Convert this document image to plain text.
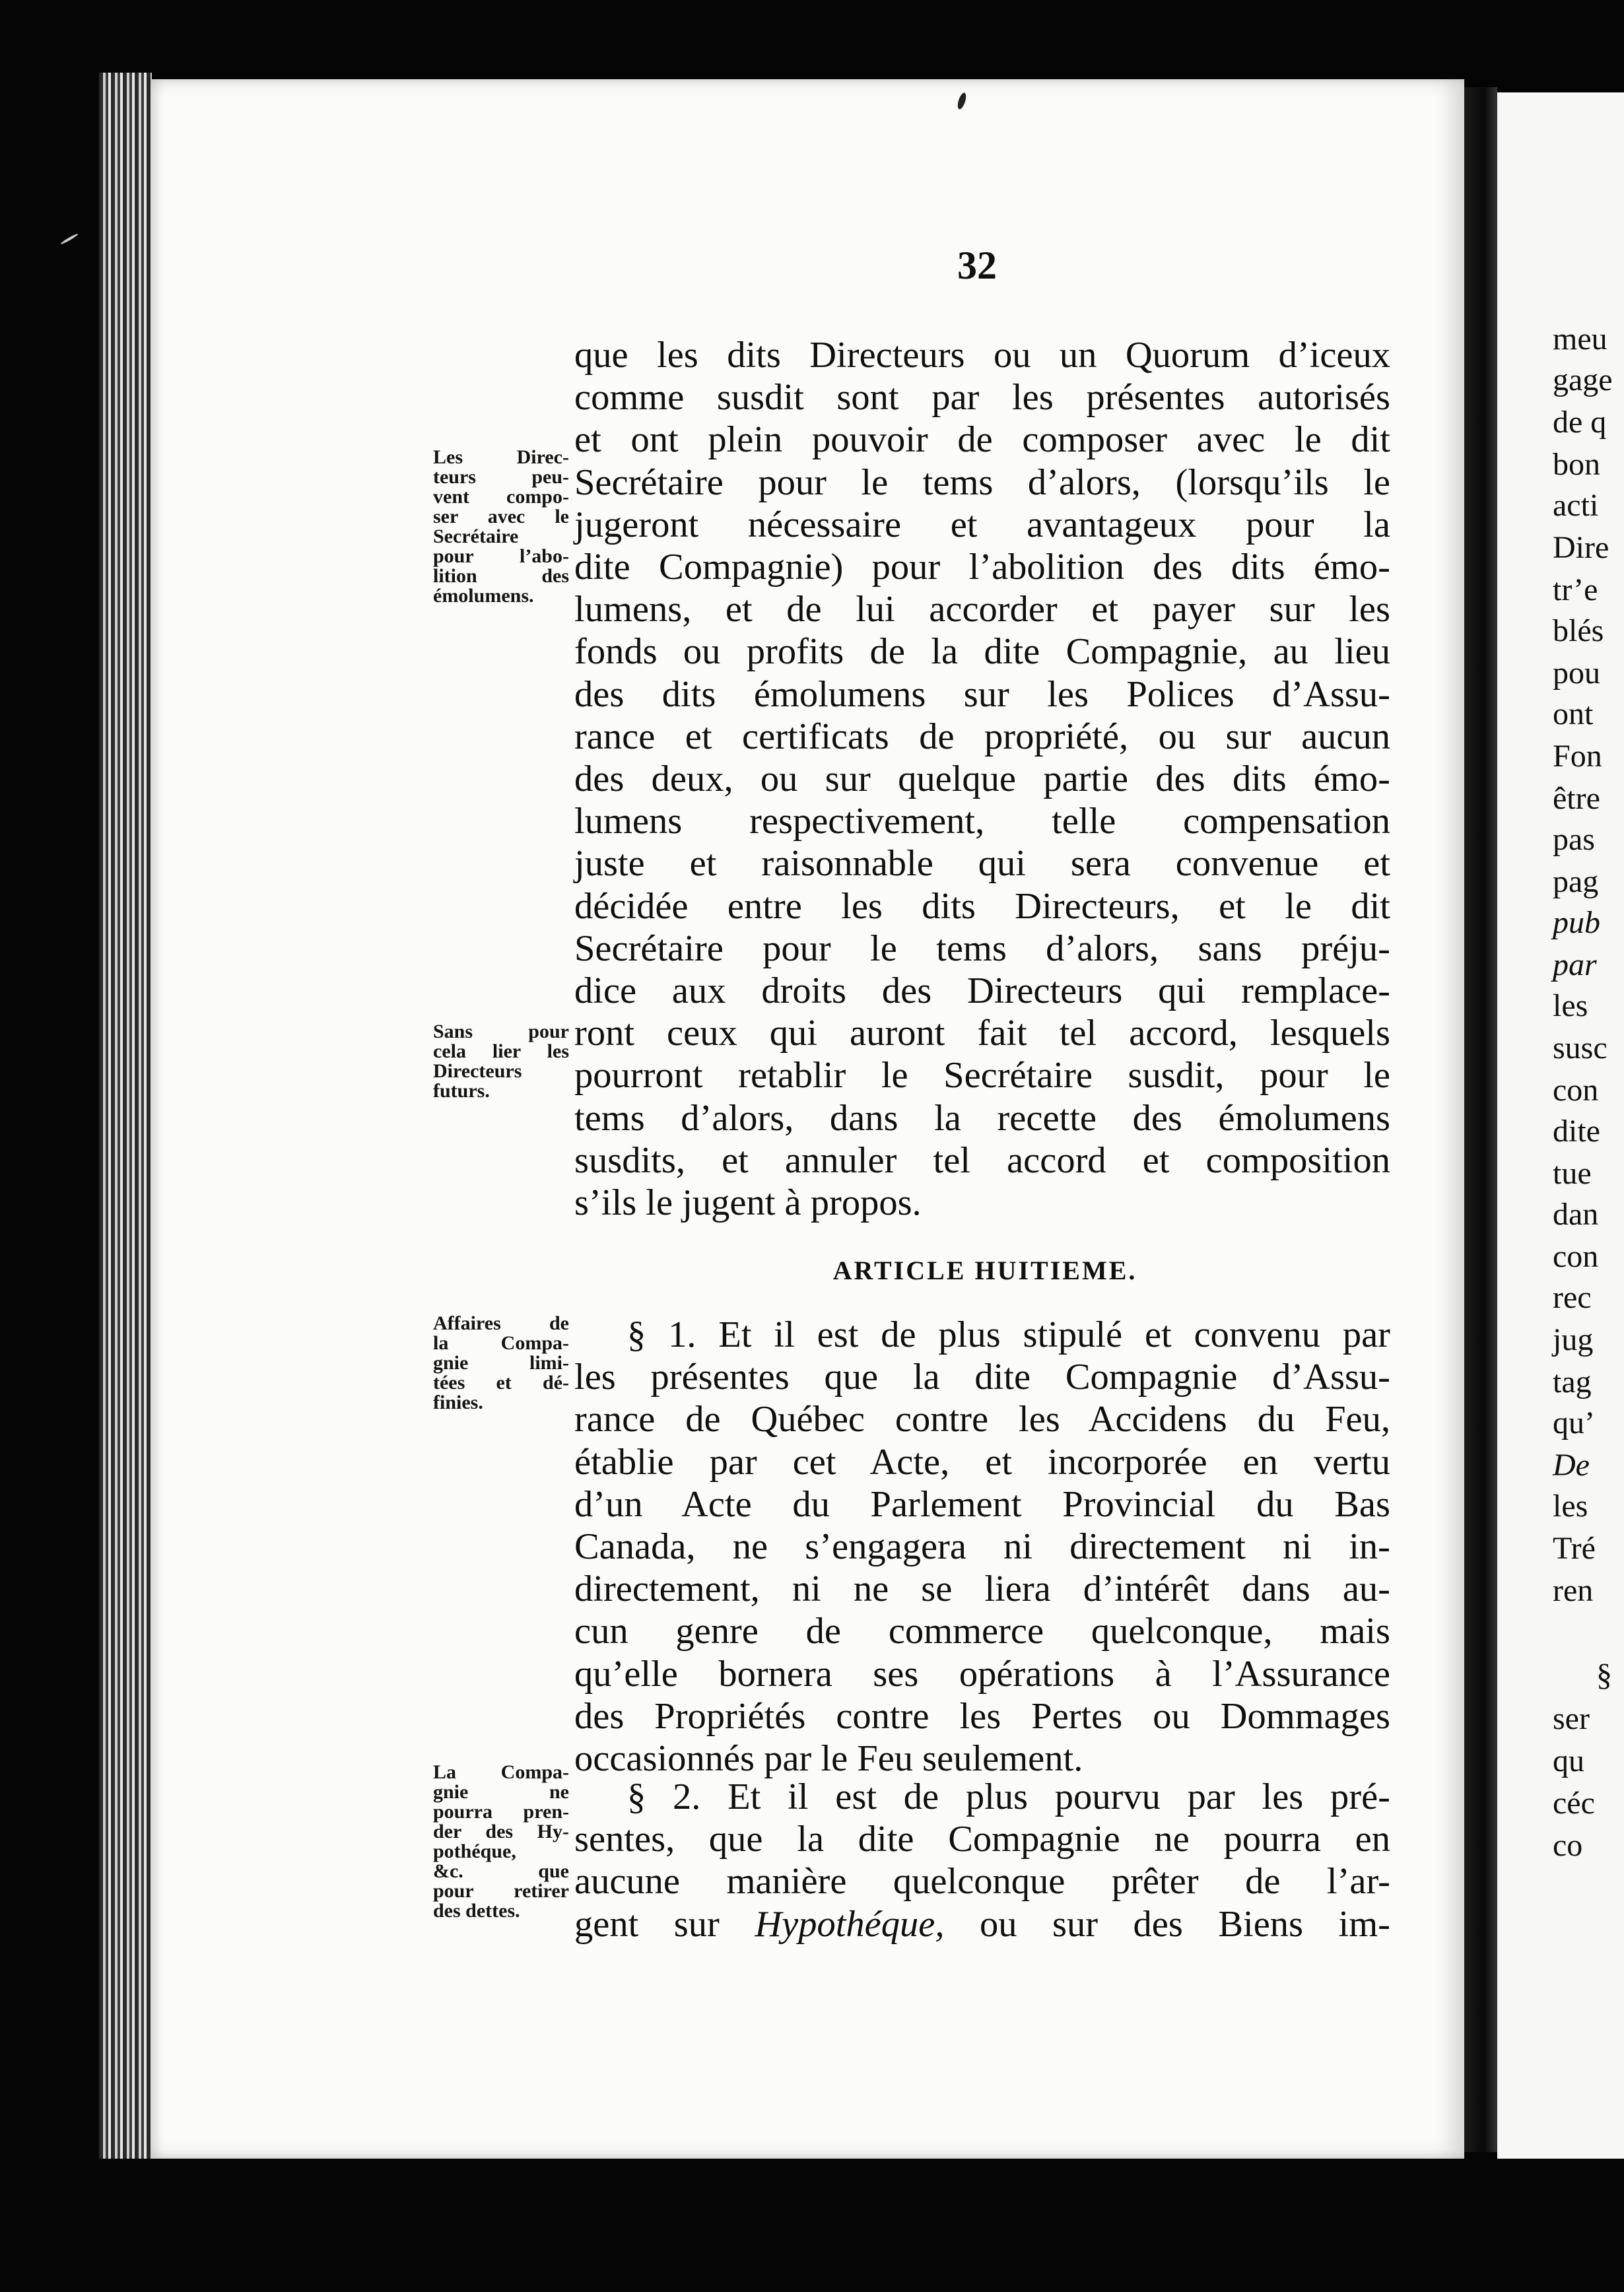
meu
gage
de q
bon
acti
Dire
tr’e
blés
pou
ont
Fon
être
pas
pag
pub
par
les
susc
con
dite
tue
dan
con
rec
jug
tag
qu’
De
les
Tré
ren
§
ser
qu
céc
co
32
que les dits Directeurs ou un Quorum d’iceux
comme susdit sont par les présentes autorisés
et ont plein pouvoir de composer avec le dit
Secrétaire pour le tems d’alors, (lorsqu’ils le
jugeront nécessaire et avantageux pour la
dite Compagnie) pour l’abolition des dits émo-
lumens, et de lui accorder et payer sur les
fonds ou profits de la dite Compagnie, au lieu
des dits émolumens sur les Polices d’Assu-
rance et certificats de propriété, ou sur aucun
des deux, ou sur quelque partie des dits émo-
lumens respectivement, telle compensation
juste et raisonnable qui sera convenue et
décidée entre les dits Directeurs, et le dit
Secrétaire pour le tems d’alors, sans préju-
dice aux droits des Directeurs qui remplace-
ront ceux qui auront fait tel accord, lesquels
pourront retablir le Secrétaire susdit, pour le
tems d’alors, dans la recette des émolumens
susdits, et annuler tel accord et composition
s’ils le jugent à propos.
ARTICLE HUITIEME.
§ 1. Et il est de plus stipulé et convenu par
les présentes que la dite Compagnie d’Assu-
rance de Québec contre les Accidens du Feu,
établie par cet Acte, et incorporée en vertu
d’un Acte du Parlement Provincial du Bas
Canada, ne s’engagera ni directement ni in-
directement, ni ne se liera d’intérêt dans au-
cun genre de commerce quelconque, mais
qu’elle bornera ses opérations à l’Assurance
des Propriétés contre les Pertes ou Dommages
occasionnés par le Feu seulement.
§ 2. Et il est de plus pourvu par les pré-
sentes, que la dite Compagnie ne pourra en
aucune manière quelconque prêter de l’ar-
gent sur Hypothéque, ou sur des Biens im-
Les Direc-
teurs peu-
vent compo-
ser avec le
Secrétaire
pour l’abo-
lition des
émolumens.
Sans pour
cela lier les
Directeurs
futurs.
Affaires de
la Compa-
gnie limi-
tées et dé-
finies.
La Compa-
gnie ne
pourra pren-
der des Hy-
pothéque,
&c. que
pour retirer
des dettes.
